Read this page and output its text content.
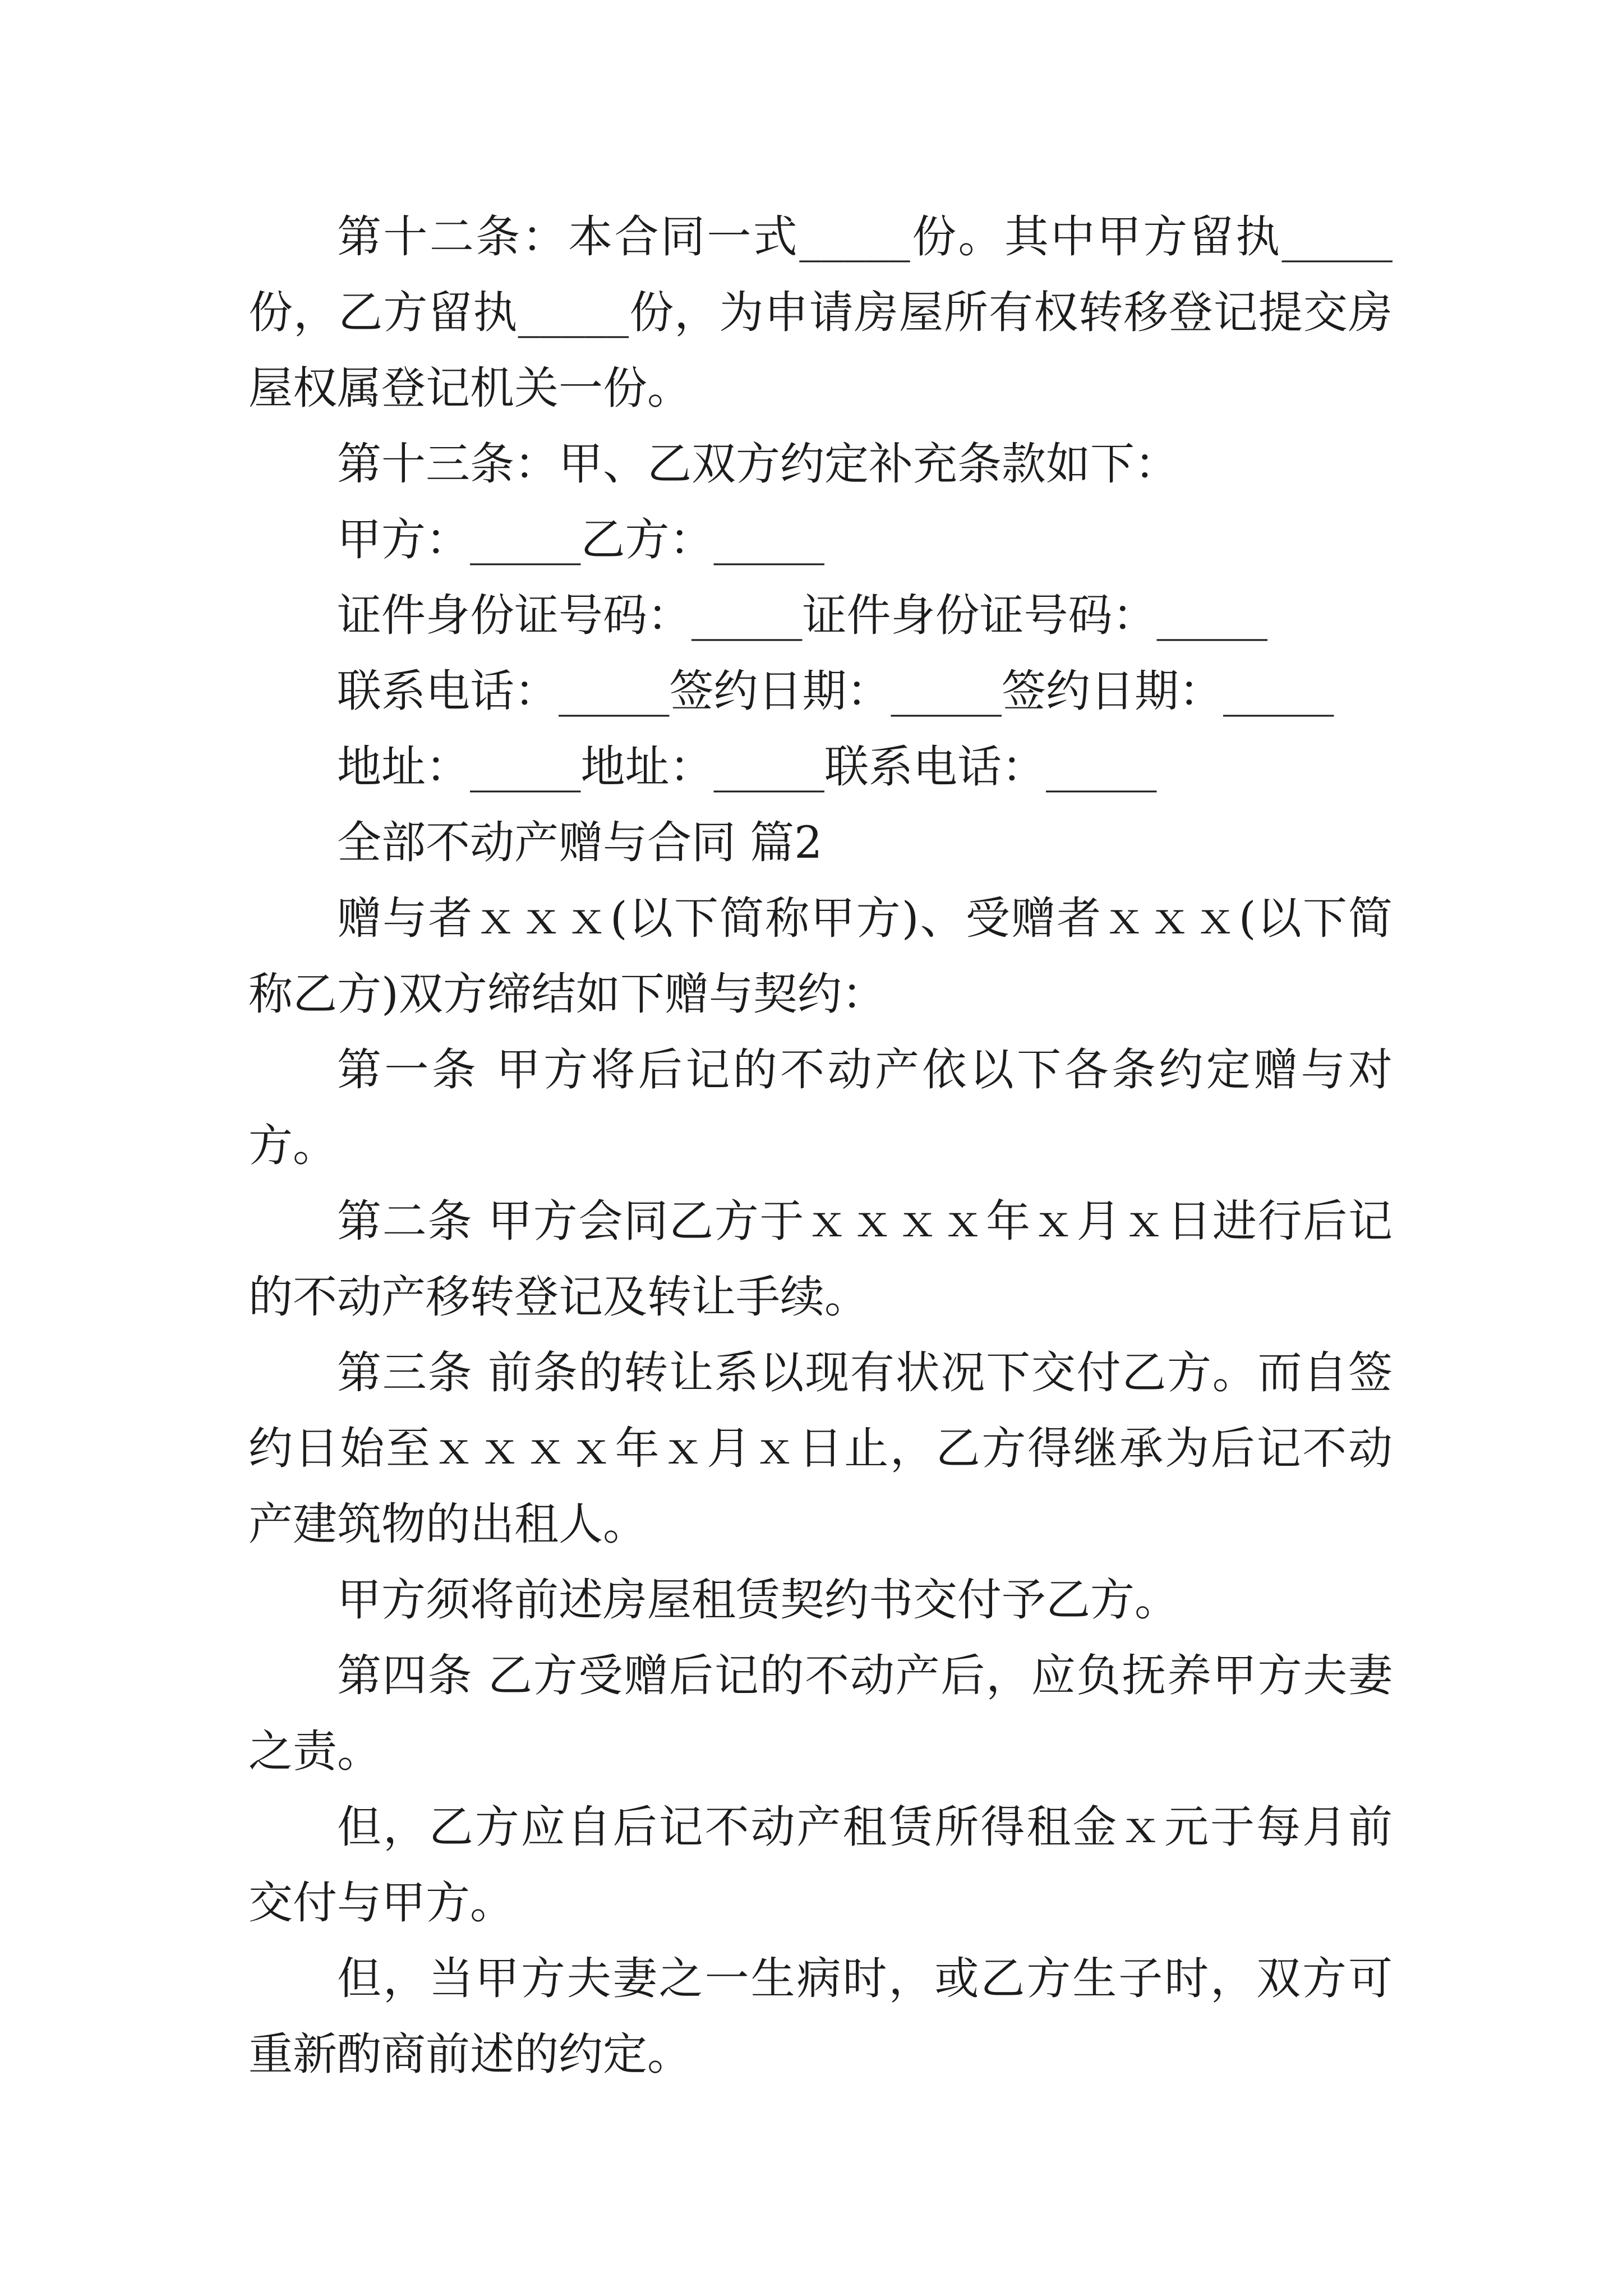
第十二条：本合同一式_____份。其中甲方留执_____份，乙方留执_____份，为申请房屋所有权转移登记提交房屋权属登记机关一份。

第十三条：甲、乙双方约定补充条款如下：

甲方：_____乙方：_____

证件身份证号码：_____证件身份证号码：_____

联系电话：_____签约日期：_____签约日期：_____

地址：_____地址：_____联系电话：_____

全部不动产赠与合同 篇2

赠与者ｘｘｘ(以下简称甲方)、受赠者ｘｘｘ(以下简称乙方)双方缔结如下赠与契约：

第一条 甲方将后记的不动产依以下各条约定赠与对方。

第二条 甲方会同乙方于ｘｘｘｘ年ｘ月ｘ日进行后记的不动产移转登记及转让手续。

第三条 前条的转让系以现有状况下交付乙方。而自签约日始至ｘｘｘｘ年ｘ月ｘ日止，乙方得继承为后记不动产建筑物的出租人。

甲方须将前述房屋租赁契约书交付予乙方。

第四条 乙方受赠后记的不动产后，应负抚养甲方夫妻之责。

但，乙方应自后记不动产租赁所得租金ｘ元于每月前交付与甲方。

但，当甲方夫妻之一生病时，或乙方生子时，双方可重新酌商前述的约定。
